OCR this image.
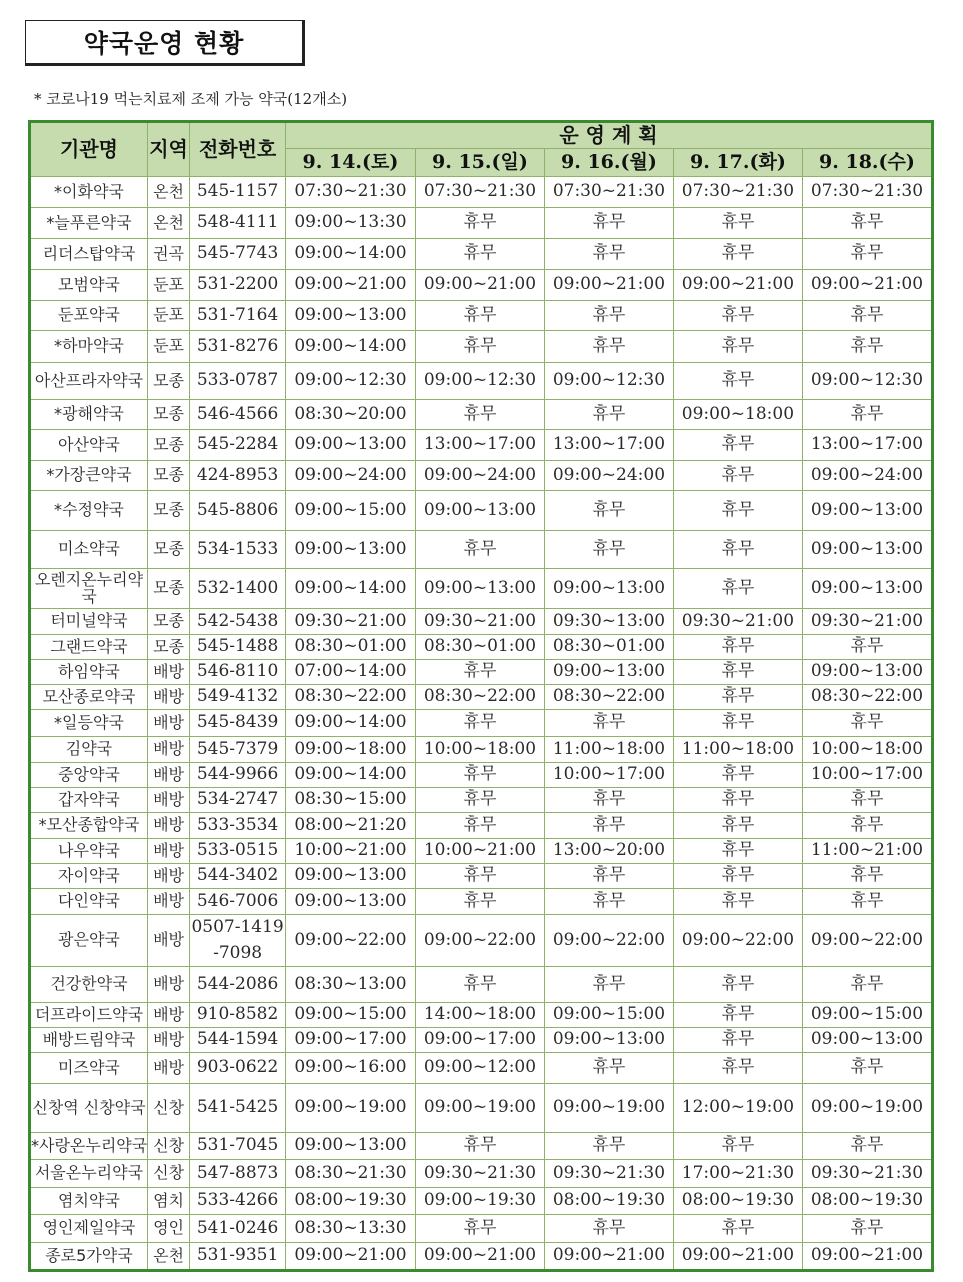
약국운영 현황
* 코로나19 먹는치료제 조제 가능 약국(12개소)
기관명	지역	전화번호	운 영 계 획				
			9. 14.(토)	9. 15.(일)	9. 16.(월)	9. 17.(화)	9. 18.(수)
*이화약국	온천	545-1157	07:30~21:30	07:30~21:30	07:30~21:30	07:30~21:30	07:30~21:30
*늘푸른약국	온천	548-4111	09:00~13:30	휴무	휴무	휴무	휴무
리더스탑약국	권곡	545-7743	09:00~14:00	휴무	휴무	휴무	휴무
모범약국	둔포	531-2200	09:00~21:00	09:00~21:00	09:00~21:00	09:00~21:00	09:00~21:00
둔포약국	둔포	531-7164	09:00~13:00	휴무	휴무	휴무	휴무
*하마약국	둔포	531-8276	09:00~14:00	휴무	휴무	휴무	휴무
아산프라자약국	모종	533-0787	09:00~12:30	09:00~12:30	09:00~12:30	휴무	09:00~12:30
*광해약국	모종	546-4566	08:30~20:00	휴무	휴무	09:00~18:00	휴무
아산약국	모종	545-2284	09:00~13:00	13:00~17:00	13:00~17:00	휴무	13:00~17:00
*가장큰약국	모종	424-8953	09:00~24:00	09:00~24:00	09:00~24:00	휴무	09:00~24:00
*수정약국	모종	545-8806	09:00~15:00	09:00~13:00	휴무	휴무	09:00~13:00
미소약국	모종	534-1533	09:00~13:00	휴무	휴무	휴무	09:00~13:00
오렌지온누리약국	모종	532-1400	09:00~14:00	09:00~13:00	09:00~13:00	휴무	09:00~13:00
터미널약국	모종	542-5438	09:30~21:00	09:30~21:00	09:30~13:00	09:30~21:00	09:30~21:00
그랜드약국	모종	545-1488	08:30~01:00	08:30~01:00	08:30~01:00	휴무	휴무
하임약국	배방	546-8110	07:00~14:00	휴무	09:00~13:00	휴무	09:00~13:00
모산종로약국	배방	549-4132	08:30~22:00	08:30~22:00	08:30~22:00	휴무	08:30~22:00
*일등약국	배방	545-8439	09:00~14:00	휴무	휴무	휴무	휴무
김약국	배방	545-7379	09:00~18:00	10:00~18:00	11:00~18:00	11:00~18:00	10:00~18:00
중앙약국	배방	544-9966	09:00~14:00	휴무	10:00~17:00	휴무	10:00~17:00
갑자약국	배방	534-2747	08:30~15:00	휴무	휴무	휴무	휴무
*모산종합약국	배방	533-3534	08:00~21:20	휴무	휴무	휴무	휴무
나우약국	배방	533-0515	10:00~21:00	10:00~21:00	13:00~20:00	휴무	11:00~21:00
자이약국	배방	544-3402	09:00~13:00	휴무	휴무	휴무	휴무
다인약국	배방	546-7006	09:00~13:00	휴무	휴무	휴무	휴무
광은약국	배방	0507-1419 -7098	09:00~22:00	09:00~22:00	09:00~22:00	09:00~22:00	09:00~22:00
건강한약국	배방	544-2086	08:30~13:00	휴무	휴무	휴무	휴무
더프라이드약국	배방	910-8582	09:00~15:00	14:00~18:00	09:00~15:00	휴무	09:00~15:00
배방드림약국	배방	544-1594	09:00~17:00	09:00~17:00	09:00~13:00	휴무	09:00~13:00
미즈약국	배방	903-0622	09:00~16:00	09:00~12:00	휴무	휴무	휴무
신창역 신창약국	신창	541-5425	09:00~19:00	09:00~19:00	09:00~19:00	12:00~19:00	09:00~19:00
*사랑온누리약국	신창	531-7045	09:00~13:00	휴무	휴무	휴무	휴무
서울온누리약국	신창	547-8873	08:30~21:30	09:30~21:30	09:30~21:30	17:00~21:30	09:30~21:30
염치약국	염치	533-4266	08:00~19:30	09:00~19:30	08:00~19:30	08:00~19:30	08:00~19:30
영인제일약국	영인	541-0246	08:30~13:30	휴무	휴무	휴무	휴무
종로5가약국	온천	531-9351	09:00~21:00	09:00~21:00	09:00~21:00	09:00~21:00	09:00~21:00
